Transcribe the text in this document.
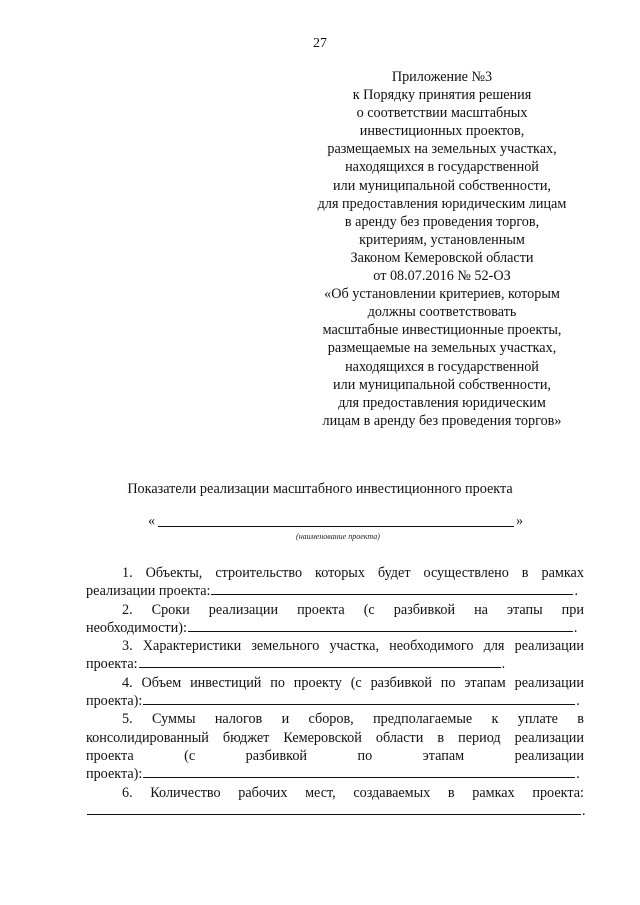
27
Приложение №3
к Порядку принятия решения
о соответствии масштабных
инвестиционных проектов,
размещаемых на земельных участках,
находящихся в государственной
или муниципальной собственности,
для предоставления юридическим лицам
в аренду без проведения торгов,
критериям, установленным
Законом Кемеровской области
от 08.07.2016 № 52-ОЗ
«Об установлении критериев, которым
должны соответствовать
масштабные инвестиционные проекты,
размещаемые на земельных участках,
находящихся в государственной
или муниципальной собственности,
для предоставления юридическим
лицам в аренду без проведения торгов»
Показатели реализации масштабного инвестиционного проекта
«	»
(наименование проекта)
1. Объекты, строительство которых будет осуществлено в рамках
реализации проекта:	.
2. Сроки реализации проекта (с разбивкой на этапы при
необходимости):	.
3. Характеристики земельного участка, необходимого для реализации
проекта:	.
4. Объем инвестиций по проекту (с разбивкой по этапам реализации
проекта):	.
5. Суммы налогов и сборов, предполагаемые к уплате в
консолидированный бюджет Кемеровской области в период реализации
проекта	(с	разбивкой	по	этапам	реализации
проекта):	.
6. Количество рабочих мест, создаваемых в рамках проекта:
.
